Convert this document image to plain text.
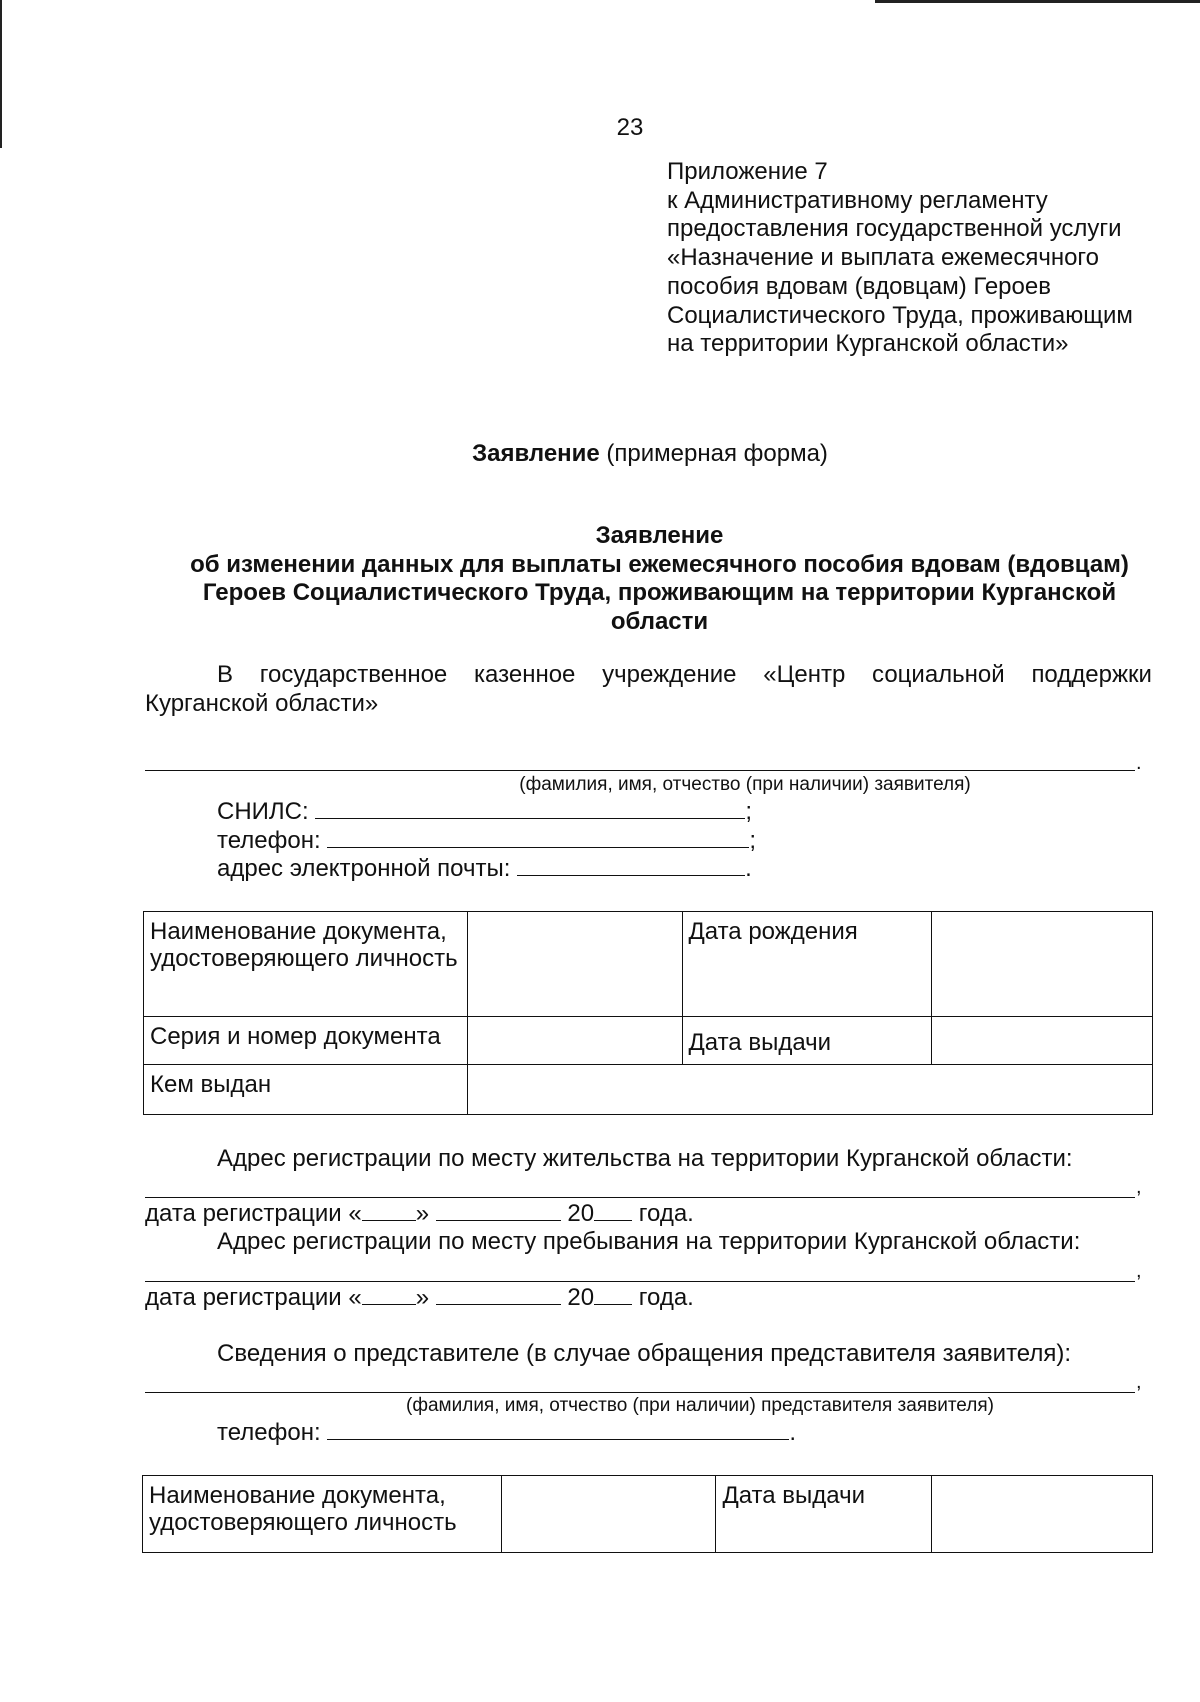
23
Приложение 7
к Административному регламенту
предоставления государственной услуги
«Назначение и выплата ежемесячного
пособия вдовам (вдовцам) Героев
Социалистического Труда, проживающим
на территории Курганской области»
Заявление (примерная форма)
Заявление
об изменении данных для выплаты ежемесячного пособия вдовам (вдовцам)
Героев Социалистического Труда, проживающим на территории Курганской
области
В государственное казенное учреждение «Центр социальной поддержки
Курганской области»
.
(фамилия, имя, отчество (при наличии) заявителя)
СНИЛС:	;
телефон:	;
адрес электронной почты:	.
Наименование документа, удостоверяющего личность		Дата рождения	
Серия и номер документа		Дата выдачи	
Кем выдан			
Адрес регистрации по месту жительства на территории Курганской области:
,
дата регистрации « »	20 года.
Адрес регистрации по месту пребывания на территории Курганской области:
,
дата регистрации « »	20 года.
Сведения о представителе (в случае обращения представителя заявителя):
,
(фамилия, имя, отчество (при наличии) представителя заявителя)
телефон:	.
Наименование документа, удостоверяющего личность		Дата выдачи	
